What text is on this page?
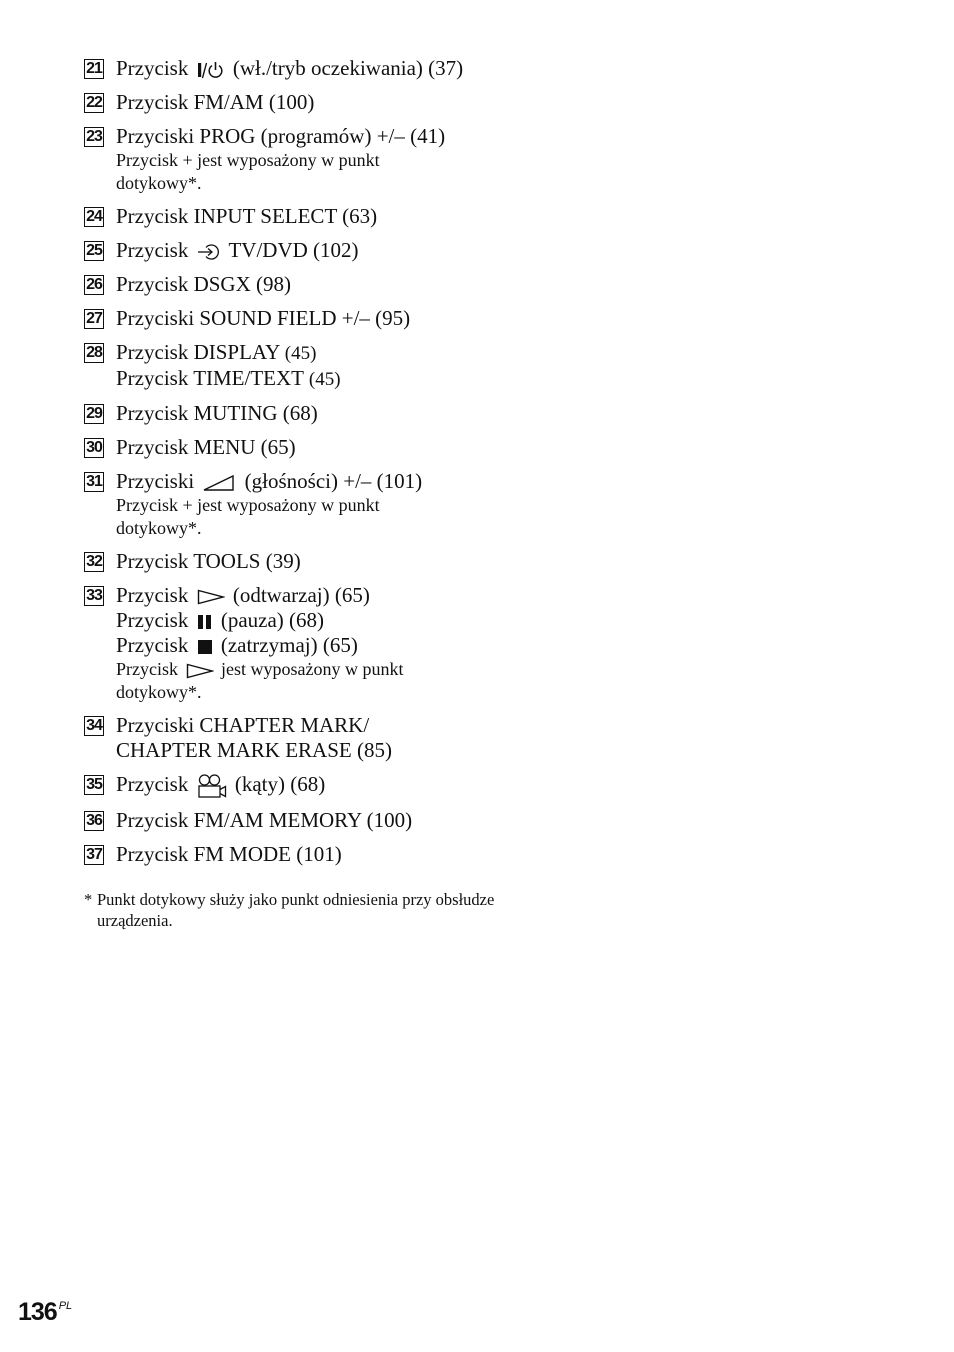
21 Przycisk
(wł./tryb oczekiwania) (37)
22 Przycisk FM/AM (100)
23 Przyciski PROG (programów) +/– (41)
Przycisk + jest wyposażony w punkt
dotykowy*.
24 Przycisk INPUT SELECT (63)
25 Przycisk
TV/DVD (102)
26 Przycisk DSGX (98)
27 Przyciski SOUND FIELD +/– (95)
28 Przycisk DISPLAY (45)
Przycisk TIME/TEXT (45)
29 Przycisk MUTING (68)
30 Przycisk MENU (65)
31 Przyciski
(głośności) +/– (101)
Przycisk + jest wyposażony w punkt
dotykowy*.
32 Przycisk TOOLS (39)
33 Przycisk
(odtwarzaj) (65)
Przycisk
(pauza) (68)
Przycisk
(zatrzymaj) (65)
Przycisk
jest wyposażony w punkt
dotykowy*.
34 Przyciski CHAPTER MARK/
CHAPTER MARK ERASE (85)
35 Przycisk
(kąty) (68)
36 Przycisk FM/AM MEMORY (100)
37 Przycisk FM MODE (101)
* Punkt dotykowy służy jako punkt odniesienia przy obsłudze urządzenia.
136 $^{PL}$
